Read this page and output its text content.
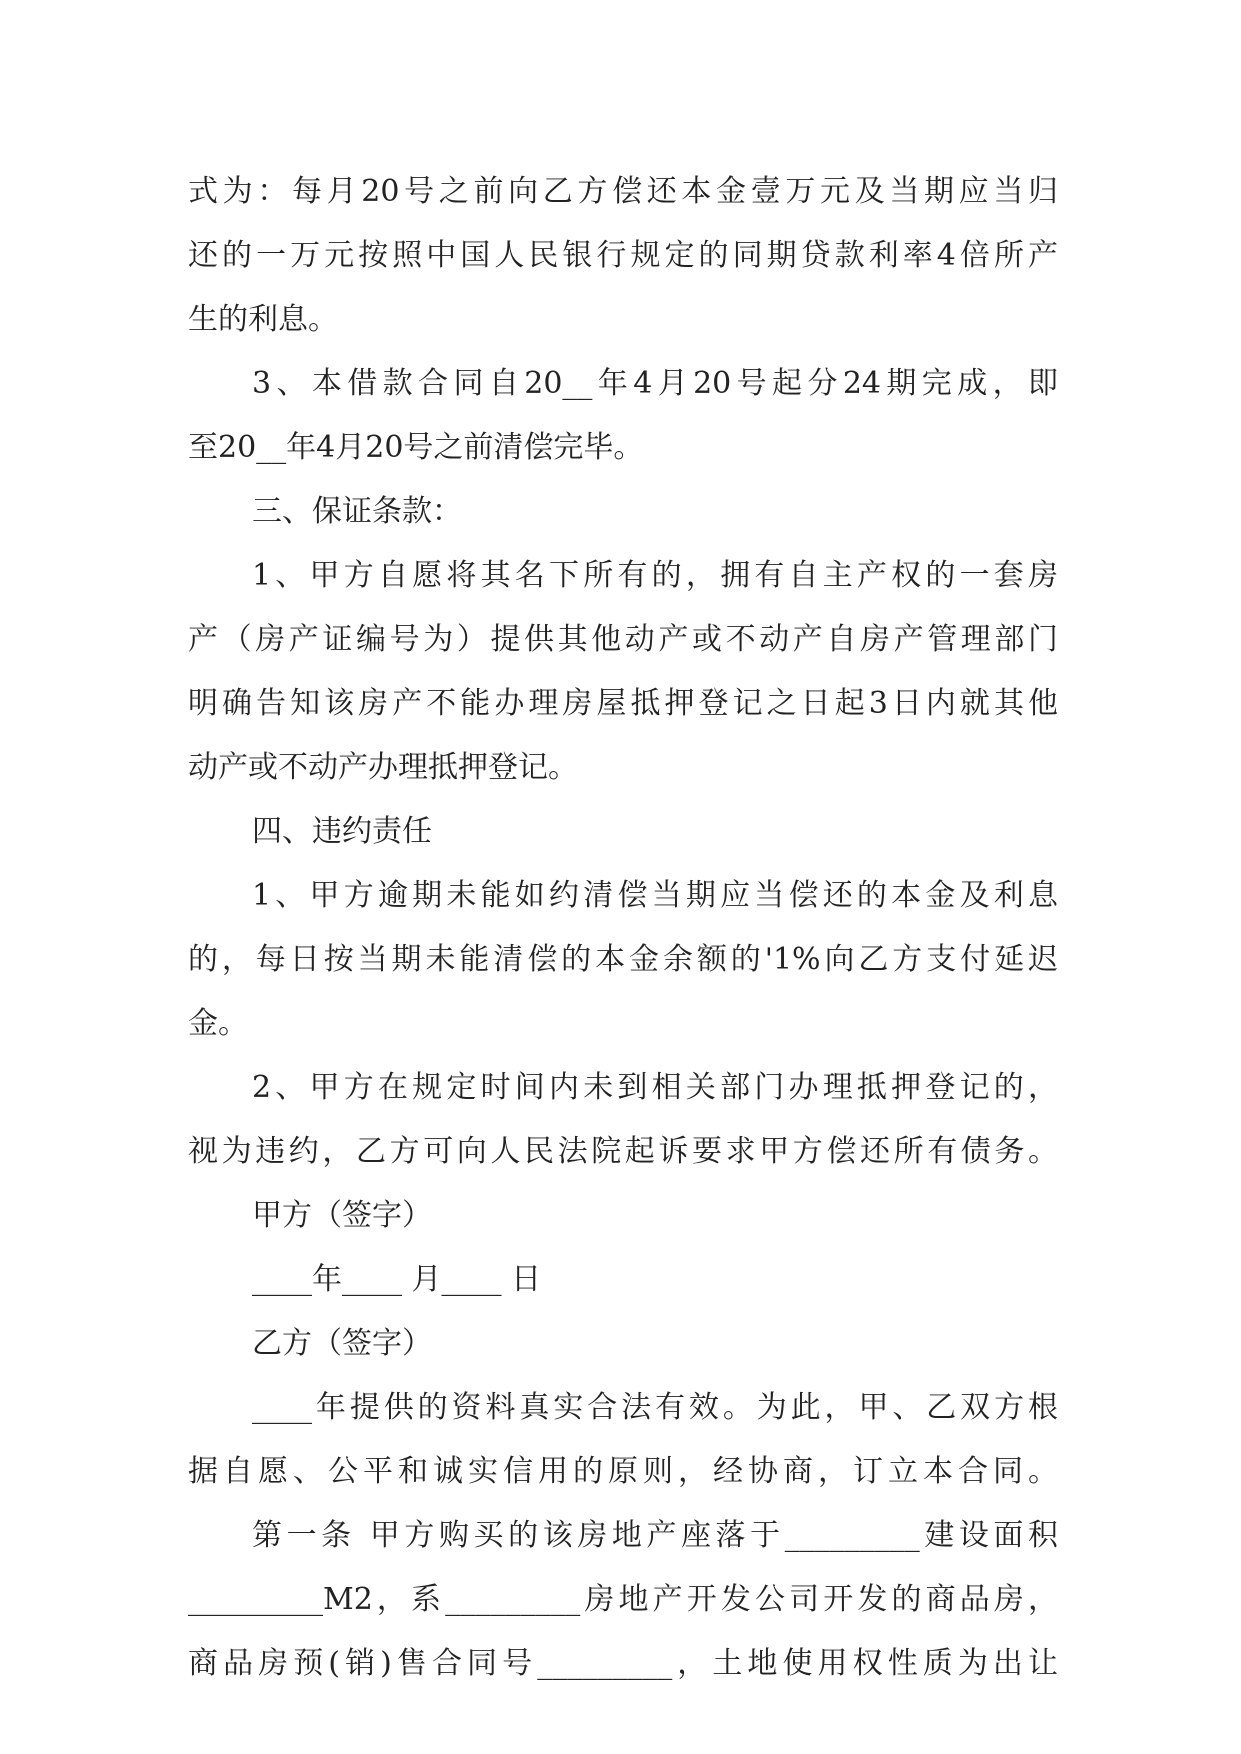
式为：每月20号之前向乙方偿还本金壹万元及当期应当归
还的一万元按照中国人民银行规定的同期贷款利率4倍所产
生的利息。
3、本借款合同自20__年4月20号起分24期完成，即
至20__年4月20号之前清偿完毕。
三、保证条款：
1、甲方自愿将其名下所有的，拥有自主产权的一套房
产（房产证编号为）提供其他动产或不动产自房产管理部门
明确告知该房产不能办理房屋抵押登记之日起3日内就其他
动产或不动产办理抵押登记。
四、违约责任
1、甲方逾期未能如约清偿当期应当偿还的本金及利息
的，每日按当期未能清偿的本金余额的'1%向乙方支付延迟
金。
2、甲方在规定时间内未到相关部门办理抵押登记的，
视为违约，乙方可向人民法院起诉要求甲方偿还所有债务。
甲方（签字）
____年____ 月____ 日
乙方（签字）
____年提供的资料真实合法有效。为此，甲、乙双方根
据自愿、公平和诚实信用的原则，经协商，订立本合同。
第一条 甲方购买的该房地产座落于_________建设面积
_________M2，系_________房地产开发公司开发的商品房，
商品房预(销)售合同号_________，土地使用权性质为出让
